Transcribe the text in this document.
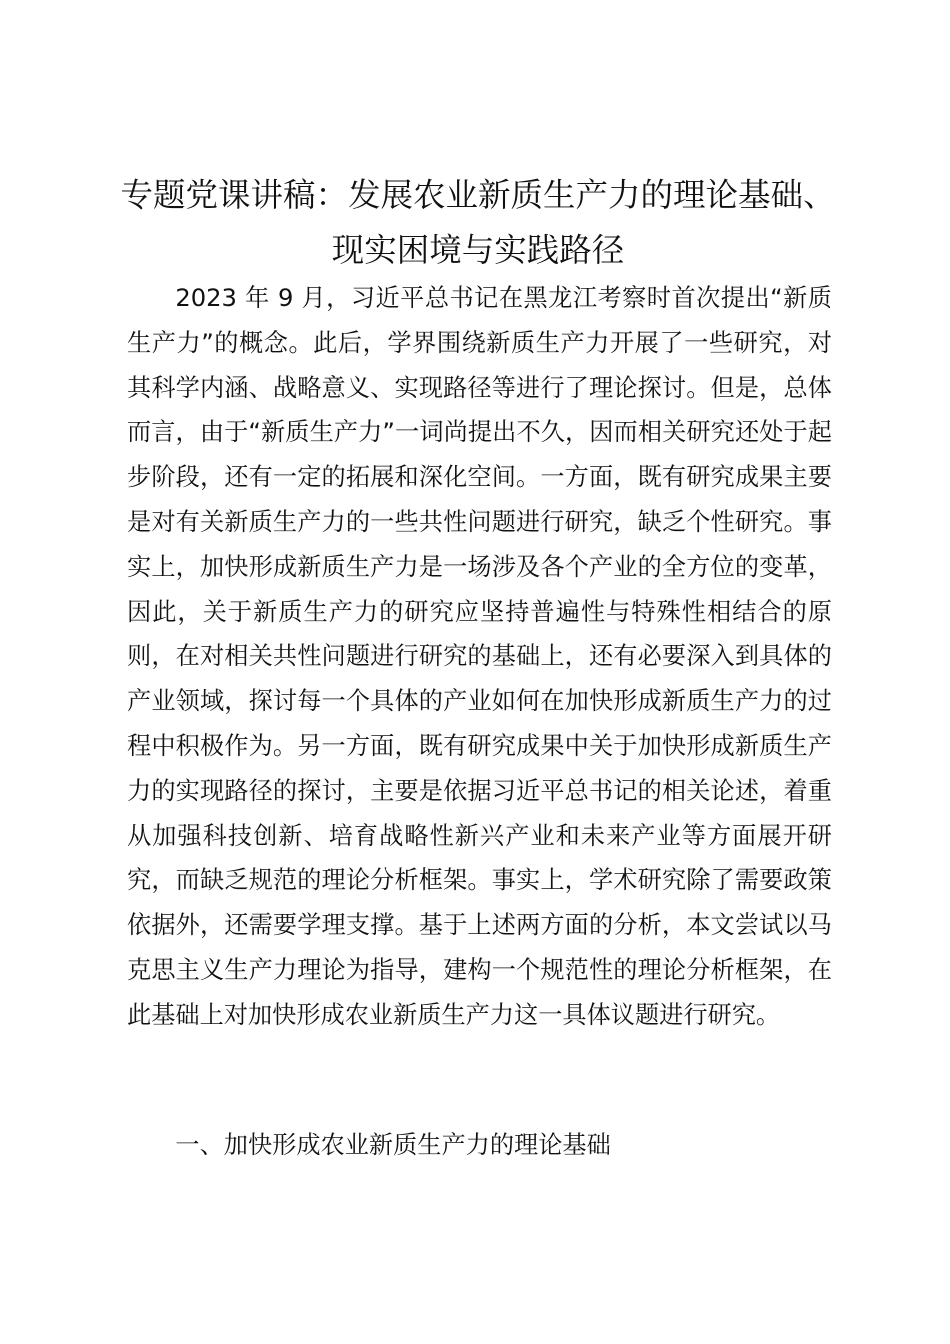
专题党课讲稿：发展农业新质生产力的理论基础、现实困境与实践路径

2023 年 9 月，习近平总书记在黑龙江考察时首次提出“新质生产力”的概念。此后，学界围绕新质生产力开展了一些研究，对其科学内涵、战略意义、实现路径等进行了理论探讨。但是，总体而言，由于“新质生产力”一词尚提出不久，因而相关研究还处于起步阶段，还有一定的拓展和深化空间。一方面，既有研究成果主要是对有关新质生产力的一些共性问题进行研究，缺乏个性研究。事实上，加快形成新质生产力是一场涉及各个产业的全方位的变革，因此，关于新质生产力的研究应坚持普遍性与特殊性相结合的原则，在对相关共性问题进行研究的基础上，还有必要深入到具体的产业领域，探讨每一个具体的产业如何在加快形成新质生产力的过程中积极作为。另一方面，既有研究成果中关于加快形成新质生产力的实现路径的探讨，主要是依据习近平总书记的相关论述，着重从加强科技创新、培育战略性新兴产业和未来产业等方面展开研究，而缺乏规范的理论分析框架。事实上，学术研究除了需要政策依据外，还需要学理支撑。基于上述两方面的分析，本文尝试以马克思主义生产力理论为指导，建构一个规范性的理论分析框架，在此基础上对加快形成农业新质生产力这一具体议题进行研究。

一、加快形成农业新质生产力的理论基础
